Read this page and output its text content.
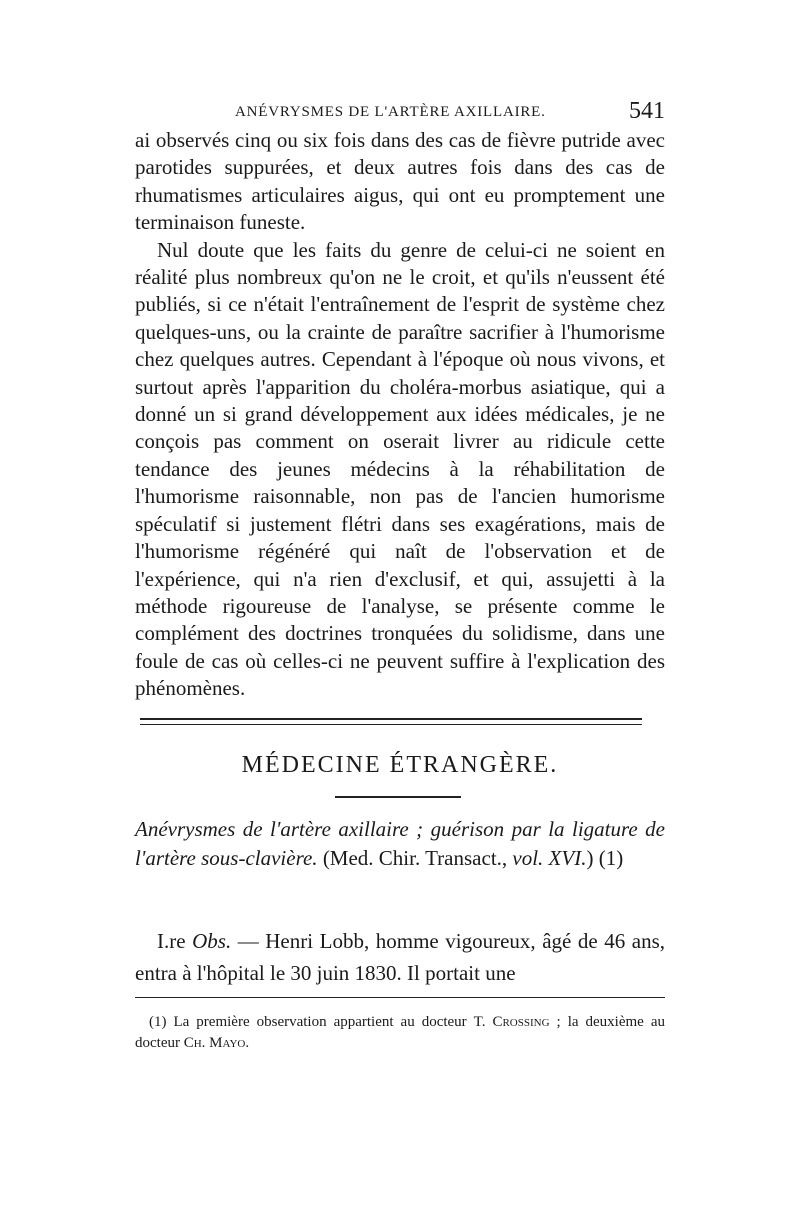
ANÉVRYSMES DE L'ARTÈRE AXILLAIRE.	541

ai observés cinq ou six fois dans des cas de fièvre putride avec parotides suppurées, et deux autres fois dans des cas de rhumatismes articulaires aigus, qui ont eu promptement une terminaison funeste.

Nul doute que les faits du genre de celui-ci ne soient en réalité plus nombreux qu'on ne le croit, et qu'ils n'eussent été publiés, si ce n'était l'entraînement de l'esprit de système chez quelques-uns, ou la crainte de paraître sacrifier à l'humorisme chez quelques autres. Cependant à l'époque où nous vivons, et surtout après l'apparition du choléra-morbus asiatique, qui a donné un si grand développement aux idées médicales, je ne conçois pas comment on oserait livrer au ridicule cette tendance des jeunes médecins à la réhabilitation de l'humorisme raisonnable, non pas de l'ancien humorisme spéculatif si justement flétri dans ses exagérations, mais de l'humorisme régénéré qui naît de l'observation et de l'expérience, qui n'a rien d'exclusif, et qui, assujetti à la méthode rigoureuse de l'analyse, se présente comme le complément des doctrines tronquées du solidisme, dans une foule de cas où celles-ci ne peuvent suffire à l'explication des phénomènes.

MÉDECINE ÉTRANGÈRE.

Anévrysmes de l'artère axillaire ; guérison par la ligature de l'artère sous-clavière. (Med. Chir. Transact., vol. XVI.) (1)

I.re Obs. — Henri Lobb, homme vigoureux, âgé de 46 ans, entra à l'hôpital le 30 juin 1830. Il portait une

(1) La première observation appartient au docteur T. Crossing ; la deuxième au docteur Ch. Mayo.
